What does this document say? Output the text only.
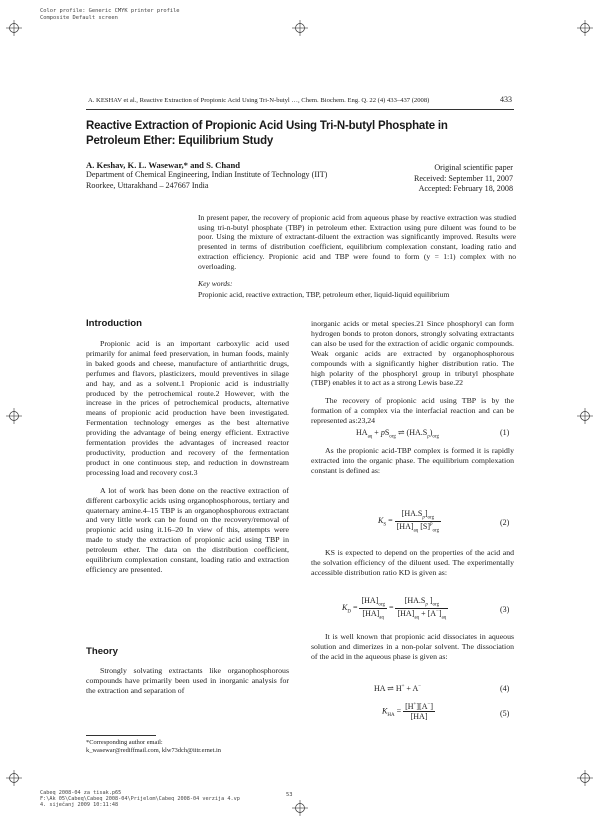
Color profile: Generic CMYK printer profile
Composite Default screen
Cabeq 2008-04 za tisak.p65
F:\Ak 05\Cabeq\Cabeq 2008-04\Prijelom\Cabeq 2008-04 verzija 4.vp
4. siječanj 2009 10:11:48
53
A. KESHAV et al., Reactive Extraction of Propionic Acid Using Tri-N-butyl …, Chem. Biochem. Eng. Q. 22 (4) 433–437 (2008)	433
Reactive Extraction of Propionic Acid Using Tri-N-butyl Phosphate in Petroleum Ether: Equilibrium Study
A. Keshav, K. L. Wasewar,* and S. Chand
Department of Chemical Engineering, Indian Institute of Technology (IIT)
Roorkee, Uttarakhand – 247667 India
Original scientific paper
Received: September 11, 2007
Accepted: February 18, 2008
In present paper, the recovery of propionic acid from aqueous phase by reactive extraction was studied using tri-n-butyl phosphate (TBP) in petroleum ether. Extraction using pure diluent was found to be poor. Using the mixture of extractant-diluent the extraction was significantly improved. Results were presented in terms of distribution coefficient, equilibrium complexation constant, loading ratio and extraction efficiency. Propionic acid and TBP were found to form (y = 1:1) complex with no overloading.
Key words:
Propionic acid, reactive extraction, TBP, petroleum ether, liquid-liquid equilibrium
Introduction

Propionic acid is an important carboxylic acid used primarily for animal feed preservation, in human foods, mainly in baked goods and cheese, manufacture of antiarthritic drugs, perfumes and flavors, plasticizers, mould preventives in silage and hay, and as a solvent.1 Propionic acid is industrially produced by the petrochemical route.2 However, with the increase in the prices of petrochemical products, alternative means of propionic acid production have been investigated. Fermentation technology emerges as the best alternative providing the advantage of being energy efficient. Extractive fermentation provides the advantages of increased reactor productivity, production and recovery of the fermentation product in one continuous step, and reduction in downstream processing load and recovery cost.3

A lot of work has been done on the reactive extraction of different carboxylic acids using organophosphorous, tertiary and quaternary amine.4–15 TBP is an organophosphorous extractant and very little work can be found on the recovery/removal of propionic acid using it.16–20 In view of this, attempts were made to study the extraction of propionic acid using TBP in petroleum ether. The data on the distribution coefficient, equilibrium complexation constant, loading ratio and extraction efficiency are presented.

Theory

Strongly solvating extractants like organophosphorous compounds have primarily been used in inorganic analysis for the extraction and separation of

*Corresponding author email:
k_wasewar@rediffmail.com, klw73dch@iitr.ernet.in

inorganic acids or metal species.21 Since phosphoryl can form hydrogen bonds to proton donors, strongly solvating extractants can also be used for the extraction of acidic organic compounds. Weak organic acids are extracted by organophosphorous compounds with a significantly higher distribution ratio. The high polarity of the phosphoryl group in tributyl phosphate (TBP) enables it to act as a strong Lewis base.22

The recovery of propionic acid using TBP is by the formation of a complex via the interfacial reaction and can be represented as:23,24

$HA_{aq} + pS_{org}$ ⇌ $(HA.S_p)_{org}$
(1)

As the propionic acid-TBP complex is formed it is rapidly extracted into the organic phase. The equilibrium complexation constant is defined as:

$K_S = \frac{[HA.S_p]_{org}}{[HA]_{aq} [S]^p_{org}}$	(2)

KS is expected to depend on the properties of the acid and the solvation efficiency of the diluent used. The experimentally accessible distribution ratio KD is given as:

$K_D = \frac{[HA]_{org}}{[HA]_{aq}} = \frac{[HA.S_p ]_{org}}{[HA]_{aq} + [A^-]_{aq}}$	(3)

It is well known that propionic acid dissociates in aqueous solution and dimerizes in a non-polar solvent. The dissociation of the acid in the aqueous phase is given as:

HA ⇌ H+ + A−	(4)
$K_{HA} = \frac{[H^+][A^-]}{[HA]}$	(5)
